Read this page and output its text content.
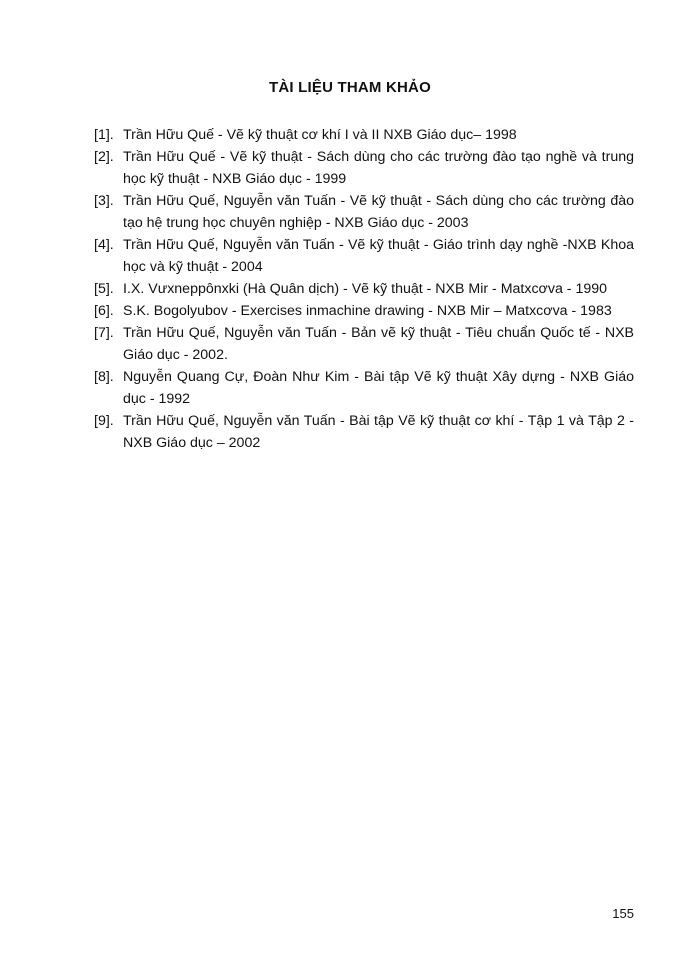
TÀI LIỆU THAM KHẢO
[1]. Trần Hữu Quế - Vẽ kỹ thuật cơ khí I và II NXB Giáo dục– 1998
[2]. Trần Hữu Quế - Vẽ kỹ thuật - Sách dùng cho các trường đào tạo nghề và trung học kỹ thuật - NXB Giáo dục - 1999
[3]. Trần Hữu Quế, Nguyễn văn Tuấn - Vẽ kỹ thuật - Sách dùng cho các trường đào tạo hệ trung học chuyên nghiệp - NXB Giáo dục - 2003
[4]. Trần Hữu Quế, Nguyễn văn Tuấn - Vẽ kỹ thuật - Giáo trình dạy nghề -NXB Khoa học và kỹ thuật - 2004
[5]. I.X. Vưxneppônxki (Hà Quân dịch) - Vẽ kỹ thuật - NXB Mir - Matxcơva - 1990
[6]. S.K. Bogolyubov - Exercises inmachine drawing - NXB Mir – Matxcơva - 1983
[7]. Trần Hữu Quế, Nguyễn văn Tuấn - Bản vẽ kỹ thuật - Tiêu chuẩn Quốc tế - NXB Giáo dục - 2002.
[8]. Nguyễn Quang Cự, Đoàn Như Kim - Bài tập Vẽ kỹ thuật Xây dựng - NXB Giáo dục - 1992
[9]. Trần Hữu Quế, Nguyễn văn Tuấn - Bài tập Vẽ kỹ thuật cơ khí - Tập 1 và Tập 2 - NXB Giáo dục – 2002
155
